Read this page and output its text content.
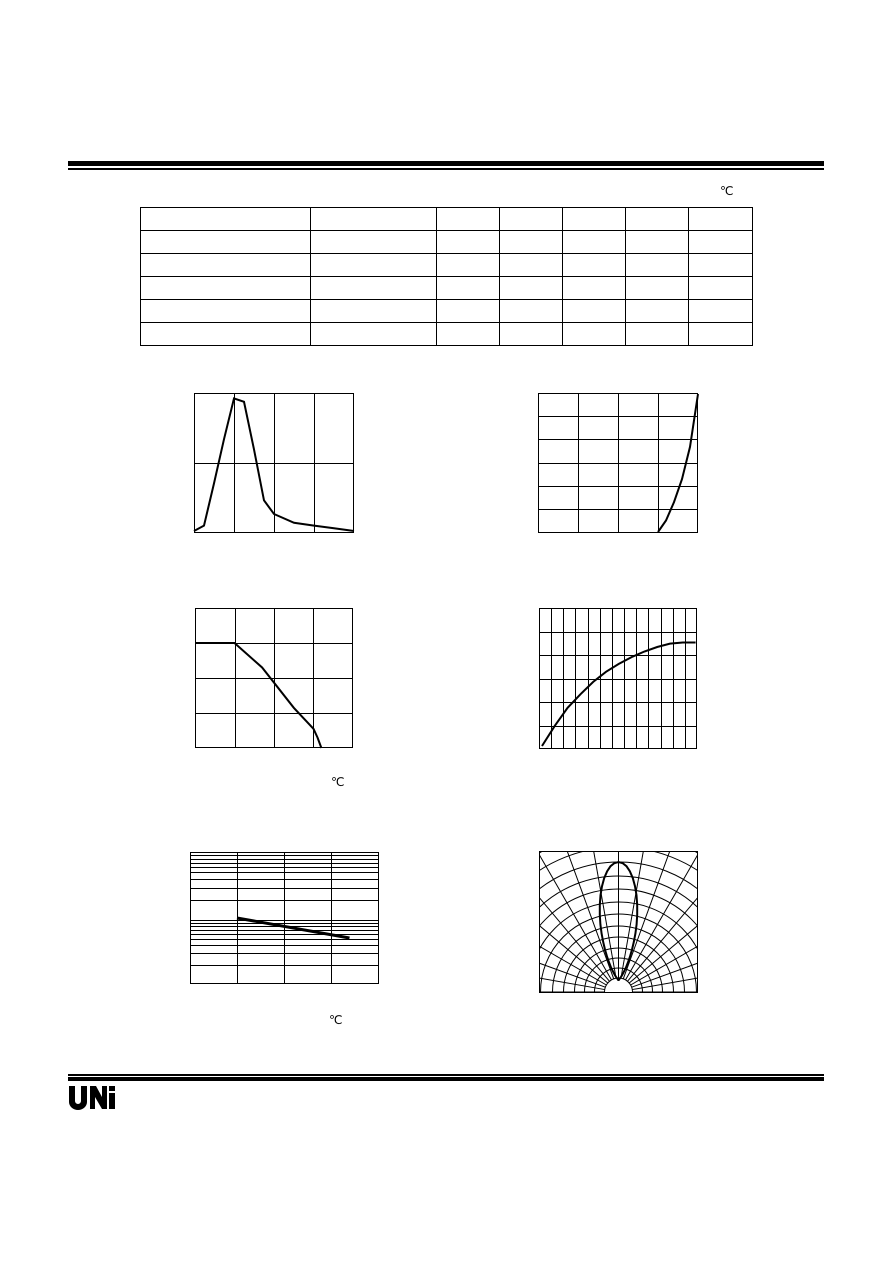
℃

℃
℃
